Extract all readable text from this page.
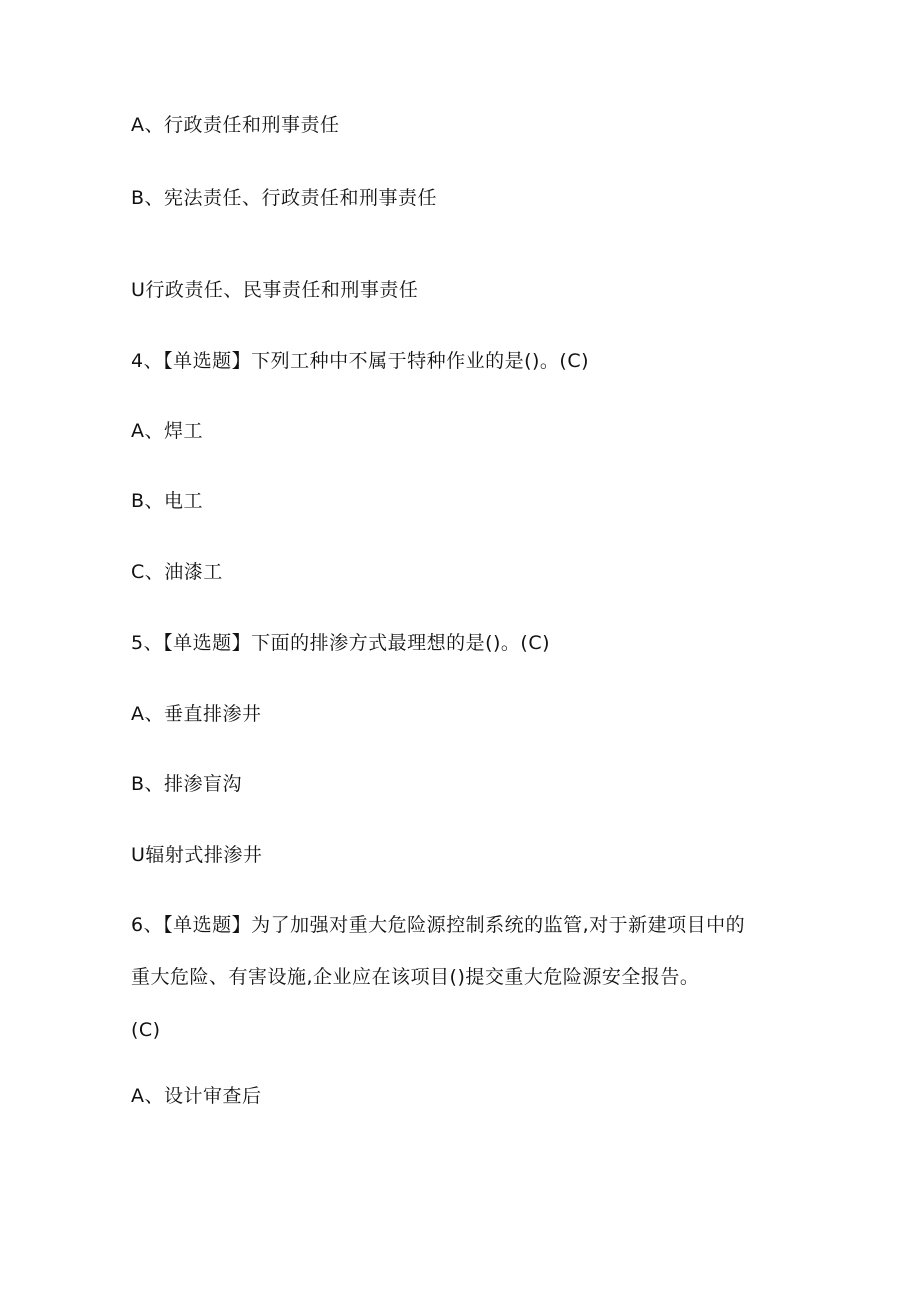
A、行政责任和刑事责任
B、宪法责任、行政责任和刑事责任
U行政责任、民事责任和刑事责任
4、【单选题】下列工种中不属于特种作业的是()。(C)
A、焊工
B、电工
C、油漆工
5、【单选题】下面的排渗方式最理想的是()。(C)
A、垂直排渗井
B、排渗盲沟
U辐射式排渗井
6、【单选题】为了加强对重大危险源控制系统的监管,对于新建项目中的
重大危险、有害设施,企业应在该项目()提交重大危险源安全报告。
(C)
A、设计审查后
